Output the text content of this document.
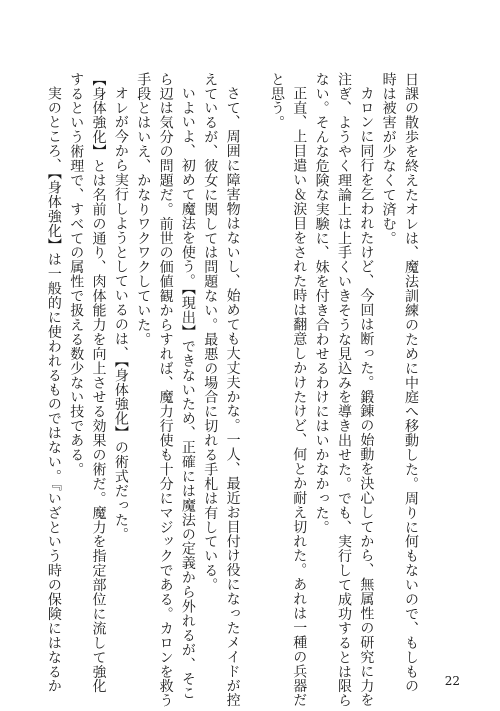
日課の散歩を終えたオレは、魔法訓練のために中庭へ移動した。周りに何もないので、もしもの

時は被害が少なくて済む。

カロンに同行を乞われたけど、今回は断った。鍛錬の始動を決心してから、無属性の研究に力を

注ぎ、ようやく理論上は上手くいきそうな見込みを導き出せた。でも、実行して成功するとは限ら

ない。そんな危険な実験に、妹を付き合わせるわけにはいかなかった。

正直、上目遣い＆涙目をされた時は翻意しかけたけど、何とか耐え切れた。あれは一種の兵器だ

と思う。

さて、周囲に障害物はないし、始めても大丈夫かな。一人、最近お目付け役になったメイドが控

えているが、彼女に関しては問題ない。最悪の場合に切れる手札は有している。

いよいよ、初めて魔法を使う。【現出】できないため、正確には魔法の定義から外れるが、そこ

ら辺は気分の問題だ。前世の価値観からすれば、魔力行使も十分にマジックである。カロンを救う

手段とはいえ、かなりワクワクしていた。

オレが今から実行しようとしているのは、【身体強化】の術式だった。

【身体強化】とは名前の通り、肉体能力を向上させる効果の術だ。魔力を指定部位に流して強化

するという術理で、すべての属性で扱える数少ない技である。

実のところ、【身体強化】は一般的に使われるものではない。『いざという時の保険にはなるか	22
